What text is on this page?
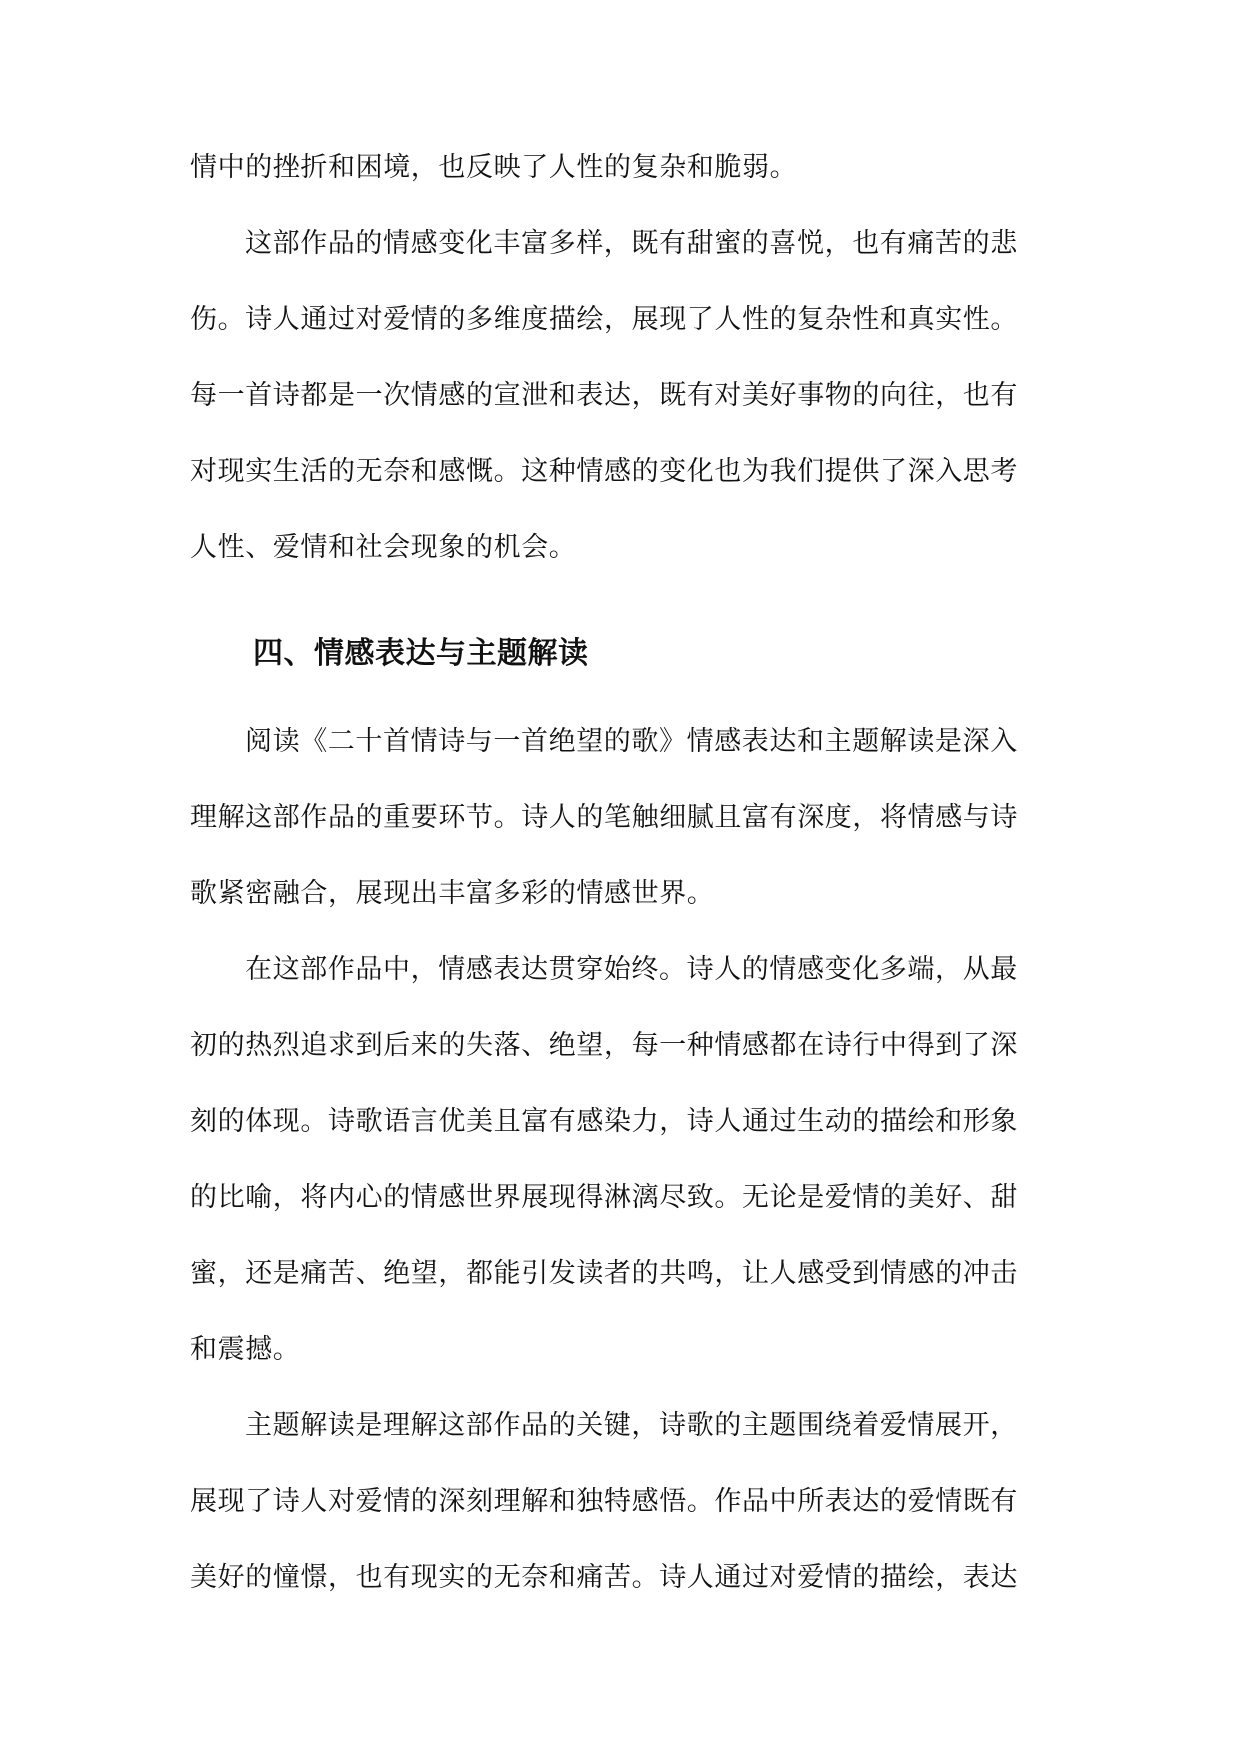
情中的挫折和困境，也反映了人性的复杂和脆弱。
这部作品的情感变化丰富多样，既有甜蜜的喜悦，也有痛苦的悲
伤。诗人通过对爱情的多维度描绘，展现了人性的复杂性和真实性。
每一首诗都是一次情感的宣泄和表达，既有对美好事物的向往，也有
对现实生活的无奈和感慨。这种情感的变化也为我们提供了深入思考
人性、爱情和社会现象的机会。
四、情感表达与主题解读
阅读《二十首情诗与一首绝望的歌》情感表达和主题解读是深入
理解这部作品的重要环节。诗人的笔触细腻且富有深度，将情感与诗
歌紧密融合，展现出丰富多彩的情感世界。
在这部作品中，情感表达贯穿始终。诗人的情感变化多端，从最
初的热烈追求到后来的失落、绝望，每一种情感都在诗行中得到了深
刻的体现。诗歌语言优美且富有感染力，诗人通过生动的描绘和形象
的比喻，将内心的情感世界展现得淋漓尽致。无论是爱情的美好、甜
蜜，还是痛苦、绝望，都能引发读者的共鸣，让人感受到情感的冲击
和震撼。
主题解读是理解这部作品的关键，诗歌的主题围绕着爱情展开，
展现了诗人对爱情的深刻理解和独特感悟。作品中所表达的爱情既有
美好的憧憬，也有现实的无奈和痛苦。诗人通过对爱情的描绘，表达
